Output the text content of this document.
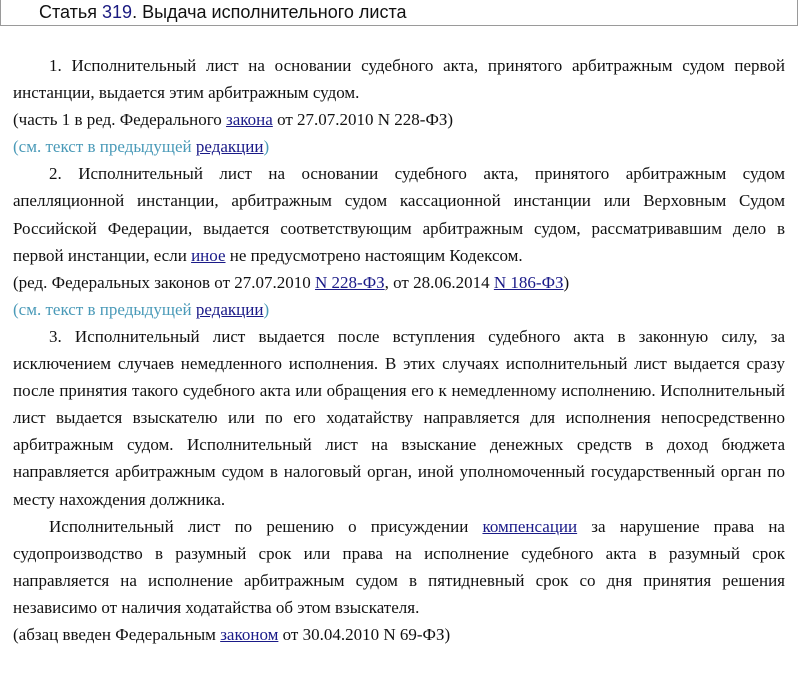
Статья 319. Выдача исполнительного листа

1. Исполнительный лист на основании судебного акта, принятого арбитражным судом первой инстанции, выдается этим арбитражным судом.

(часть 1 в ред. Федерального закона от 27.07.2010 N 228-ФЗ)

(см. текст в предыдущей редакции)

2. Исполнительный лист на основании судебного акта, принятого арбитражным судом апелляционной инстанции, арбитражным судом кассационной инстанции или Верховным Судом Российской Федерации, выдается соответствующим арбитражным судом, рассматривавшим дело в первой инстанции, если иное не предусмотрено настоящим Кодексом.

(ред. Федеральных законов от 27.07.2010 N 228-ФЗ, от 28.06.2014 N 186-ФЗ)

(см. текст в предыдущей редакции)

3. Исполнительный лист выдается после вступления судебного акта в законную силу, за исключением случаев немедленного исполнения. В этих случаях исполнительный лист выдается сразу после принятия такого судебного акта или обращения его к немедленному исполнению. Исполнительный лист выдается взыскателю или по его ходатайству направляется для исполнения непосредственно арбитражным судом. Исполнительный лист на взыскание денежных средств в доход бюджета направляется арбитражным судом в налоговый орган, иной уполномоченный государственный орган по месту нахождения должника.

Исполнительный лист по решению о присуждении компенсации за нарушение права на судопроизводство в разумный срок или права на исполнение судебного акта в разумный срок направляется на исполнение арбитражным судом в пятидневный срок со дня принятия решения независимо от наличия ходатайства об этом взыскателя.

(абзац введен Федеральным законом от 30.04.2010 N 69-ФЗ)
